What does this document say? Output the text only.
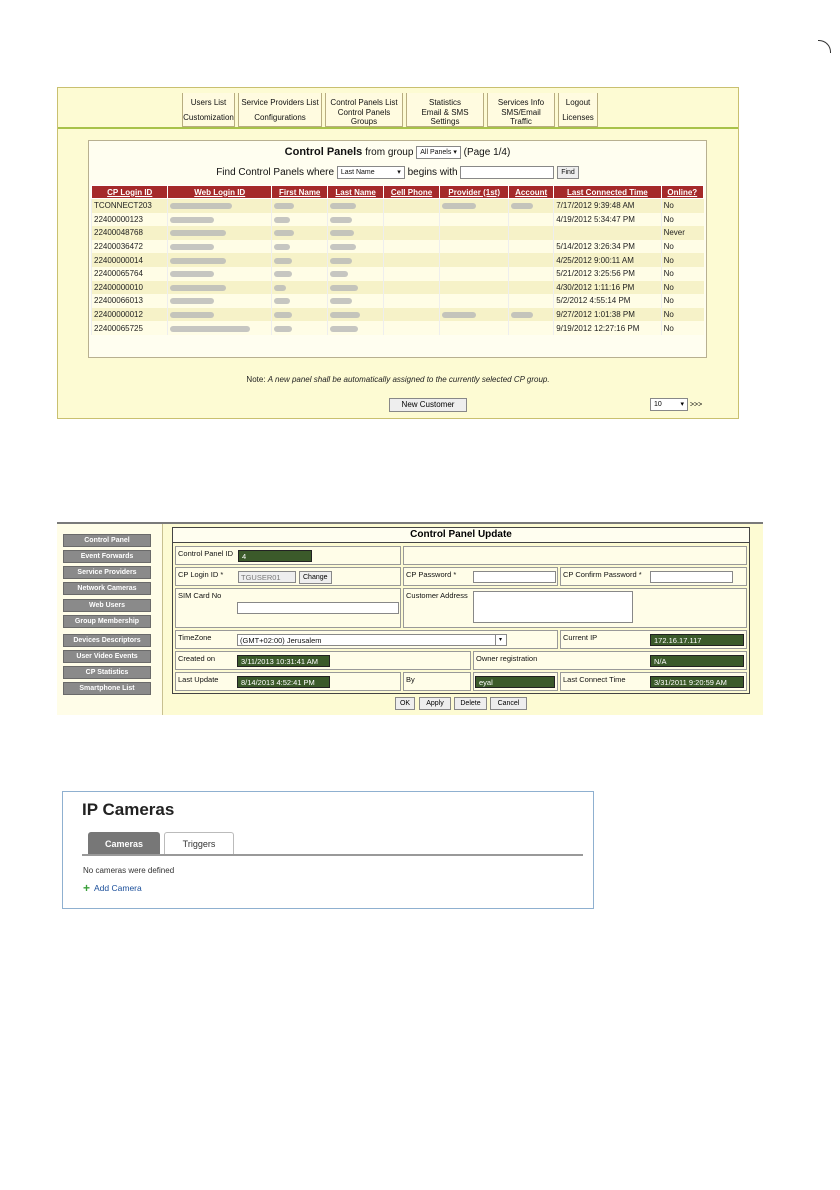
Users List	Service Providers List	Control Panels List	Statistics	Services Info	Logout
Customization	Configurations	Control Panels Groups
Email & SMS Settings
SMS/Email Traffic	Licenses
Control Panels from group All Panels ▾ (Page 1/4)
Find Control Panels where Last Name	▾ begins with	Find
CP Login ID	Web Login ID	First Name	Last Name	Cell Phone	Provider (1st)	Account	Last Connected Time	Online?
TCONNECT203							7/17/2012 9:39:48 AM	No
22400000123							4/19/2012 5:34:47 PM	No
22400048768								Never
22400036472							5/14/2012 3:26:34 PM	No
22400000014							4/25/2012 9:00:11 AM	No
22400065764							5/21/2012 3:25:56 PM	No
22400000010							4/30/2012 1:11:16 PM	No
22400066013							5/2/2012 4:55:14 PM	No
22400000012							9/27/2012 1:01:38 PM	No
22400065725							9/19/2012 12:27:16 PM	No
New Customer
Note: A new panel shall be automatically assigned to the currently selected CP group.
10	▾ >>>
Control Panel
Event Forwards
Service Providers
Network Cameras
Web Users
Group Membership
Devices Descriptors
User Video Events
CP Statistics
Smartphone List
Control Panel Update
Control Panel ID	4
CP Login ID *	TGUSER01	Change	CP Password *	CP Confirm Password *
SIM Card No	Customer Address
TimeZone	(GMT+02:00) Jerusalem	▾	Current IP	172.16.17.117
Created on	3/11/2013 10:31:41 AM	Owner registration	N/A
Last Update	8/14/2013 4:52:41 PM	By	eyal	Last Connect Time	3/31/2011 9:20:59 AM
OK	Apply	Delete	Cancel
IP Cameras
Cameras	Triggers
No cameras were defined
+ Add Camera
